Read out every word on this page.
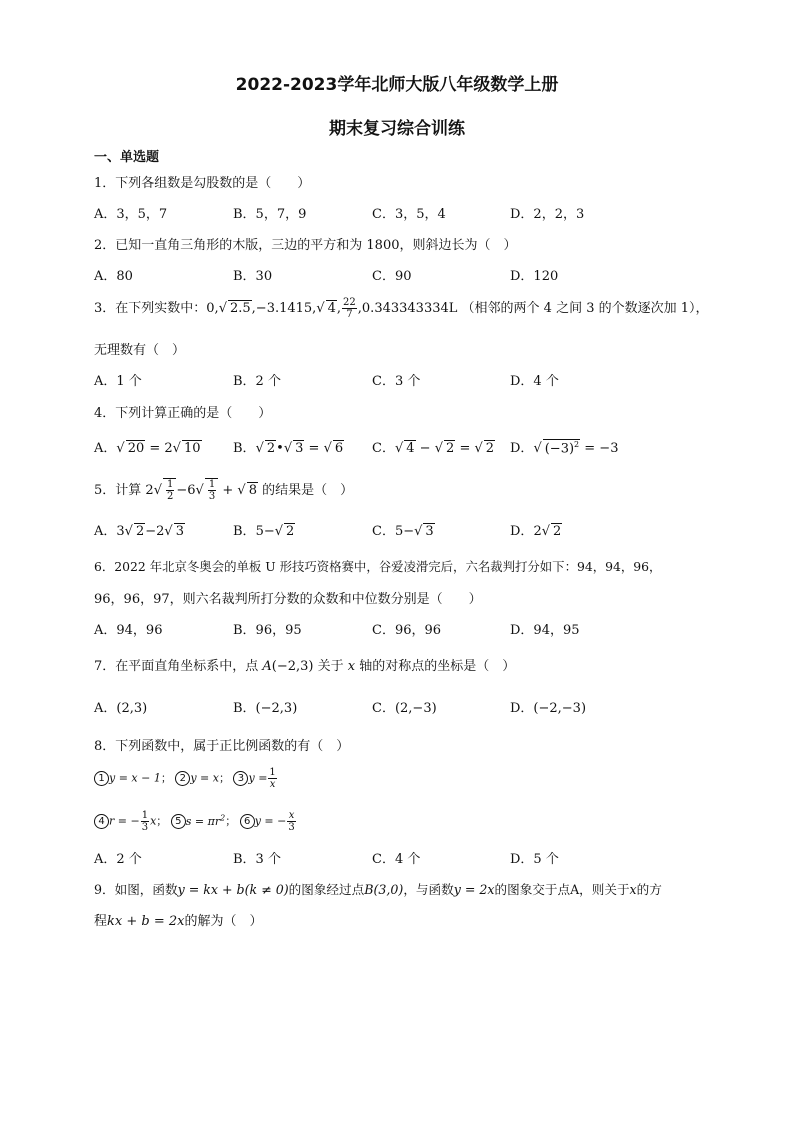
2022-2023学年北师大版八年级数学上册
期末复习综合训练
一、单选题
1．下列各组数是勾股数的是（　　）
A．3，5，7	B．5，7，9	C．3，5，4	D．2，2，3
2．已知一直角三角形的木版，三边的平方和为 1800，则斜边长为（　）
A．80	B．30	C．90	D．120
3．在下列实数中：0,√ 2.5,−3.1415,√ 4, $\frac{22}{7} ,0.343343334L$ （相邻的两个 4 之间 3 的个数逐次加 1），
无理数有（　）
A．1 个	B．2 个	C．3 个	D．4 个
4．下列计算正确的是（　　）
A．√ 20 = 2√ 10 B．√ 2•√ 3 = √ 6 C．√ 4 − √ 2 = √ 2 D．√ $(-3)^2 = -3$
5．计算 $2√ \frac{1}{2} -6√ \frac{1}{3}$ + √ 8 的结果是（　）
A．3√ 2−2√ 3	B．5−√ 2	C．5−√ 3	D．2√ 2
6．2022 年北京冬奥会的单板 U 形技巧资格赛中，谷爱凌滑完后，六名裁判打分如下：94，94，96，
96，96，97，则六名裁判所打分数的众数和中位数分别是（　　）
A．94，96	B．96，95	C．96，96	D．94，95
7．在平面直角坐标系中，点 A(−2,3) 关于 x 轴的对称点的坐标是（　）
A．(2,3)	B．(−2,3)	C．(2,−3)	D．(−2,−3)
8．下列函数中，属于正比例函数的有（　）
1 y = x − 1； 2 y = x； 3 $y = \frac{1}{x}$
4 r = − $\frac{1}{3}$ x； 5 $s = \pi r^2$； 6 y = − $\frac{x}{3}$
A．2 个	B．3 个	C．4 个	D．5 个
9．如图，函数y = kx + b(k ≠ 0)的图象经过点B(3,0)，与函数y = 2x的图象交于点A，则关于x的方
程kx + b = 2x的解为（　）
